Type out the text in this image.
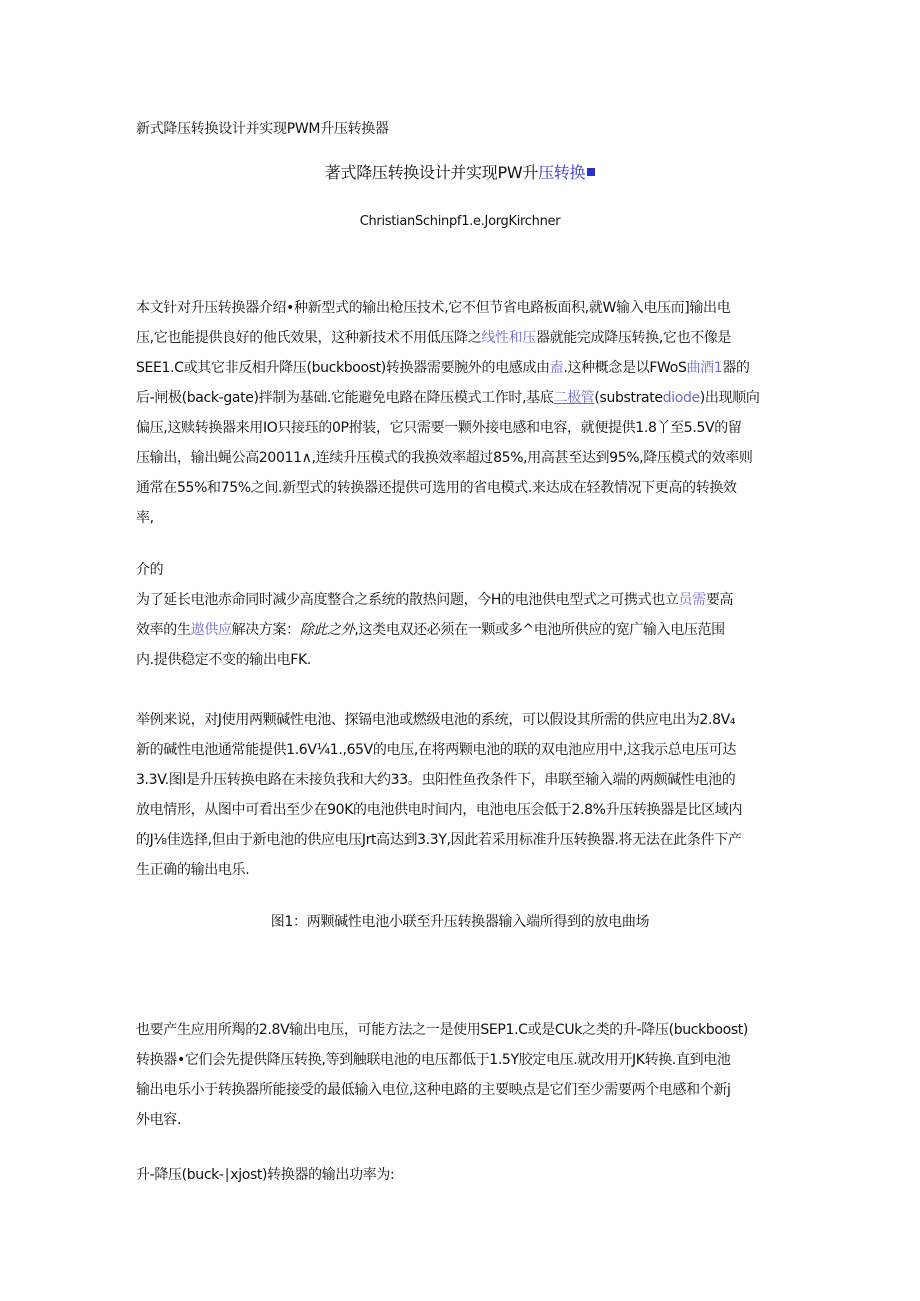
新式降压转换设计并实现PWM升压转换器
著式降压转换设计并实现PW升压转换
ChristianSchinpf1.e.JorgKirchner
本文针对升压转换器介绍•种新型式的输出枪压技术,它不但节省电路板面积,就W输入电压而]输出电
压,它也能提供良好的他氏效果，这种新技术不用低压降之线性和压器就能完成降压转换,它也不像是
SEE1.C或其它非反相升降压(buckboost)转换器需要腕外的电感成由盍.这种概念是以FWoS曲酒1器的
后-闸极(back-gate)拌制为基础.它能避免电路在降压模式工作时,基底二极管(substratediode)出现顺向
偏压,这赎转换器来用IO只接珏的0P拊装，它只需要一颗外接电感和电容，就便提供1.8丫至5.5V的留
压输出，输出蝇公高20011∧,连续升压模式的我换效率超过85%,用高甚至达到95%,降压模式的效率则
通常在55%和75%之间.新型式的转换器还提供可选用的省电模式.来达成在轻教情况下更高的转换效
率,
介的
为了延长电池赤命同时减少高度整合之系统的散热问题，今H的电池供电型式之可携式也立员需要高
效率的生遨供应解决方案：除此之外,这类电双还必须在一颗或多^电池所供应的宽广输入电压范围
内.提供稳定不变的输出电FK.
举例来说，对J使用两颗碱性电池、探镉电池或燃级电池的系统，可以假设其所需的供应电出为2.8V₄
新的碱性电池通常能提供1.6V¼1.,65V的电压,在将两颗电池的联的双电池应用中,这我示总电压可达
3.3V.图l是升压转换电路在未接负我和大约33。虫阳性鱼孜条件下，串联至输入端的两颇碱性电池的
放电情形，从图中可看出至少在90K的电池供电时间内，电池电压会低于2.8%升压转换器是比区域内
的J⅛佳选择,但由于新电池的供应电压Jrt高达到3.3Y,因此若采用标准升压转换器.将无法在此条件下产
生正确的输出电乐.
图1：两颗碱性电池小联至升压转换器输入端所得到的放电曲场
也要产生应用所羯的2.8V输出电压，可能方法之一是使用SEP1.C或是CUk之类的升-降压(buckboost)
转换器•它们会先提供降压转换,等到触联电池的电压都低于1.5Y胶定电压.就改用开JK转换.直到电池
输出电乐小于转换器所能接受的最低输入电位,这种电路的主要映点是它们至少需要两个电感和个新j
外电容.
升-降压(buck-∣xjost)转换器的输出功率为:
